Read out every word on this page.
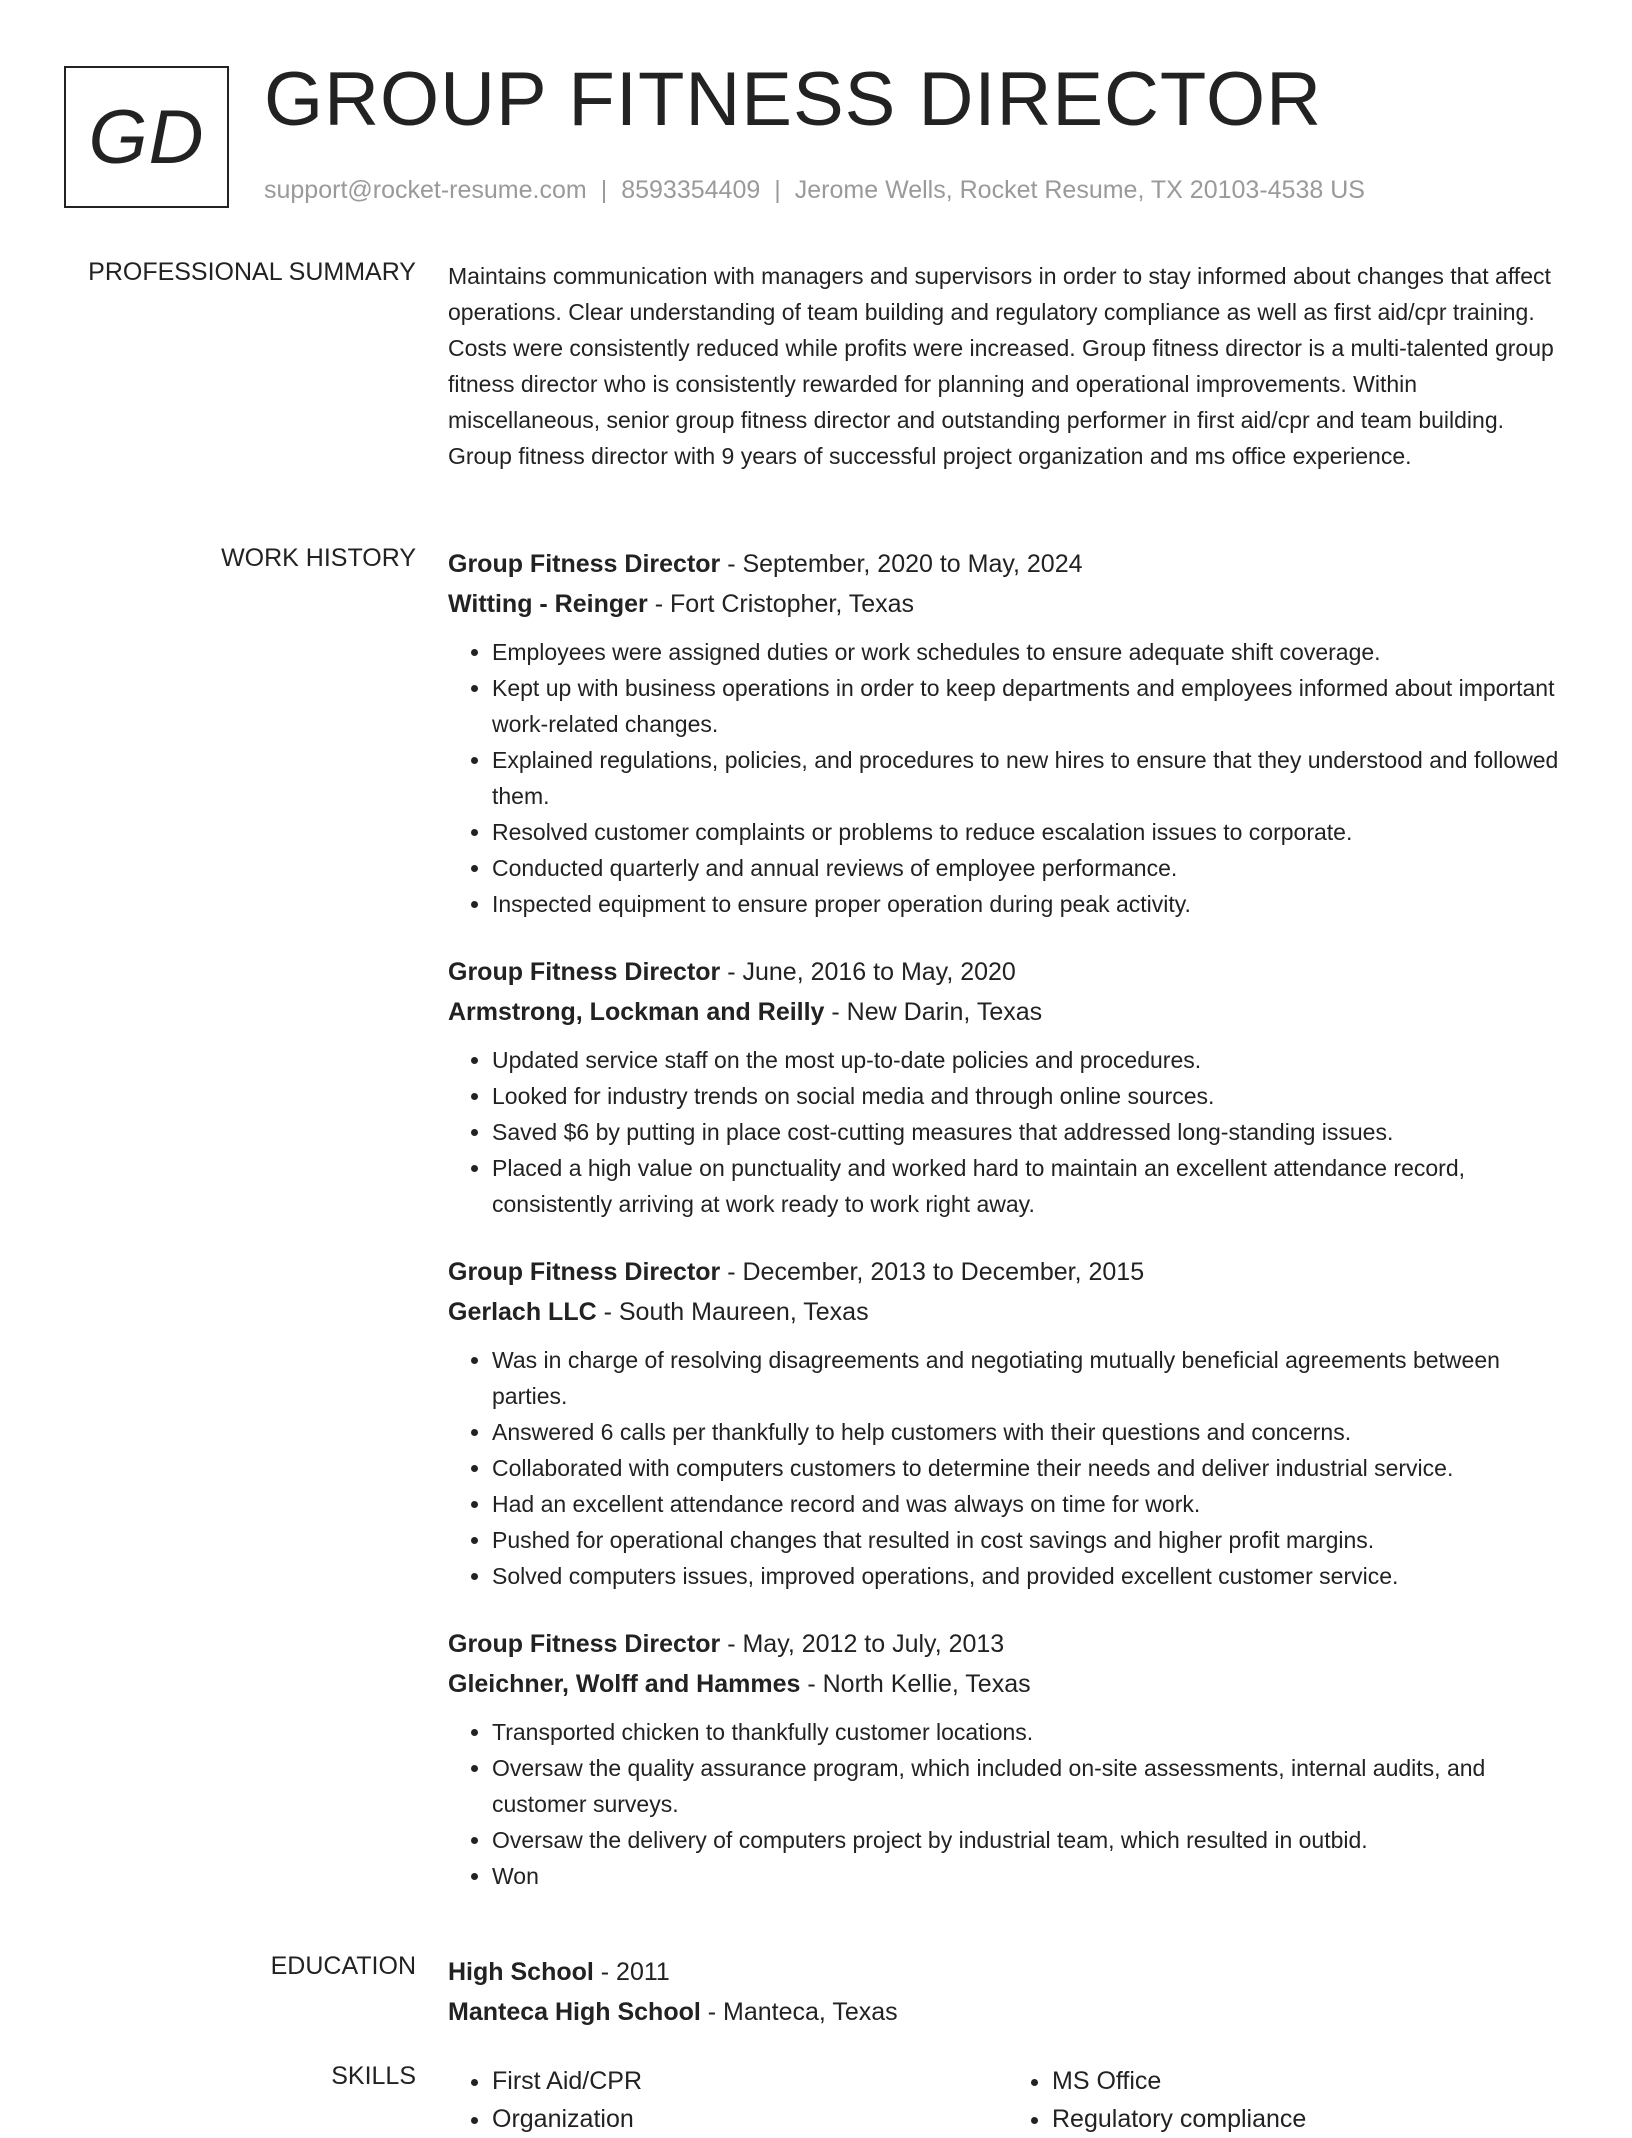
GD GROUP FITNESS DIRECTOR
support@rocket-resume.com | 8593354409 | Jerome Wells, Rocket Resume, TX 20103-4538 US
PROFESSIONAL SUMMARY Maintains communication with managers and supervisors in order to stay informed about changes that affect operations. Clear understanding of team building and regulatory compliance as well as first aid/cpr training. Costs were consistently reduced while profits were increased. Group fitness director is a multi-talented group fitness director who is consistently rewarded for planning and operational improvements. Within miscellaneous, senior group fitness director and outstanding performer in first aid/cpr and team building. Group fitness director with 9 years of successful project organization and ms office experience.

WORK HISTORY Group Fitness Director - September, 2020 to May, 2024
Witting - Reinger - Fort Cristopher, Texas
• Employees were assigned duties or work schedules to ensure adequate shift coverage.
• Kept up with business operations in order to keep departments and employees informed about important work-related changes.
• Explained regulations, policies, and procedures to new hires to ensure that they understood and followed them.
• Resolved customer complaints or problems to reduce escalation issues to corporate.
• Conducted quarterly and annual reviews of employee performance.
• Inspected equipment to ensure proper operation during peak activity.
Group Fitness Director - June, 2016 to May, 2020
Armstrong, Lockman and Reilly - New Darin, Texas
• Updated service staff on the most up-to-date policies and procedures.
• Looked for industry trends on social media and through online sources.
• Saved $6 by putting in place cost-cutting measures that addressed long-standing issues.
• Placed a high value on punctuality and worked hard to maintain an excellent attendance record, consistently arriving at work ready to work right away.
Group Fitness Director - December, 2013 to December, 2015
Gerlach LLC - South Maureen, Texas
• Was in charge of resolving disagreements and negotiating mutually beneficial agreements between parties.
• Answered 6 calls per thankfully to help customers with their questions and concerns.
• Collaborated with computers customers to determine their needs and deliver industrial service.
• Had an excellent attendance record and was always on time for work.
• Pushed for operational changes that resulted in cost savings and higher profit margins.
• Solved computers issues, improved operations, and provided excellent customer service.
Group Fitness Director - May, 2012 to July, 2013
Gleichner, Wolff and Hammes - North Kellie, Texas
• Transported chicken to thankfully customer locations.
• Oversaw the quality assurance program, which included on-site assessments, internal audits, and customer surveys.
• Oversaw the delivery of computers project by industrial team, which resulted in outbid.
• Won
EDUCATION High School - 2011
Manteca High School - Manteca, Texas
SKILLS
•	First Aid/CPR
• Organization
• MS Office
• Regulatory compliance
